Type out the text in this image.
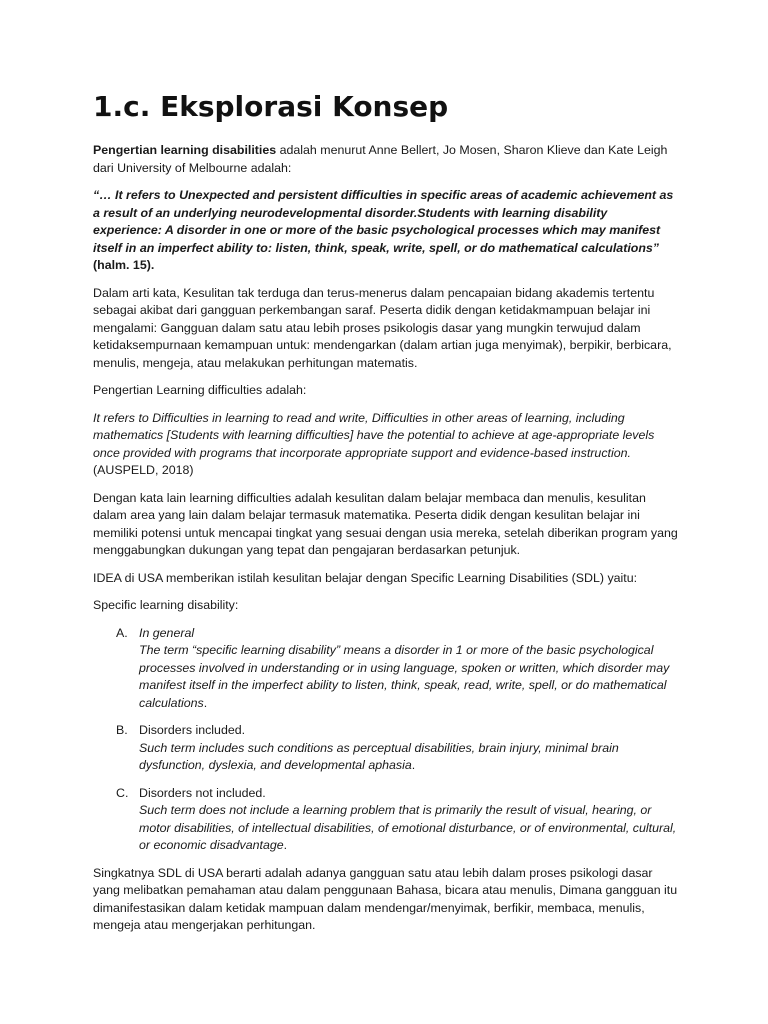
1.c. Eksplorasi Konsep

Pengertian learning disabilities adalah menurut Anne Bellert, Jo Mosen, Sharon Klieve dan Kate Leigh dari University of Melbourne adalah:

“… It refers to Unexpected and persistent difficulties in specific areas of academic achievement as a result of an underlying neurodevelopmental disorder.Students with learning disability experience: A disorder in one or more of the basic psychological processes which may manifest itself in an imperfect ability to: listen, think, speak, write, spell, or do mathematical calculations” (halm. 15).

Dalam arti kata, Kesulitan tak terduga dan terus-menerus dalam pencapaian bidang akademis tertentu sebagai akibat dari gangguan perkembangan saraf. Peserta didik dengan ketidakmampuan belajar ini mengalami: Gangguan dalam satu atau lebih proses psikologis dasar yang mungkin terwujud dalam ketidaksempurnaan kemampuan untuk: mendengarkan (dalam artian juga menyimak), berpikir, berbicara, menulis, mengeja, atau melakukan perhitungan matematis.

Pengertian Learning difficulties adalah:

It refers to Difficulties in learning to read and write, Difficulties in other areas of learning, including mathematics [Students with learning difficulties] have the potential to achieve at age-appropriate levels once provided with programs that incorporate appropriate support and evidence-based instruction. (AUSPELD, 2018)

Dengan kata lain learning difficulties adalah kesulitan dalam belajar membaca dan menulis, kesulitan dalam area yang lain dalam belajar termasuk matematika. Peserta didik dengan kesulitan belajar ini memiliki potensi untuk mencapai tingkat yang sesuai dengan usia mereka, setelah diberikan program yang menggabungkan dukungan yang tepat dan pengajaran berdasarkan petunjuk.

IDEA di USA memberikan istilah kesulitan belajar dengan Specific Learning Disabilities (SDL) yaitu:

Specific learning disability:

A. In general
The term “specific learning disability” means a disorder in 1 or more of the basic psychological processes involved in understanding or in using language, spoken or written, which disorder may manifest itself in the imperfect ability to listen, think, speak, read, write, spell, or do mathematical calculations.
B. Disorders included.
Such term includes such conditions as perceptual disabilities, brain injury, minimal brain dysfunction, dyslexia, and developmental aphasia.
C. Disorders not included.
Such term does not include a learning problem that is primarily the result of visual, hearing, or motor disabilities, of intellectual disabilities, of emotional disturbance, or of environmental, cultural, or economic disadvantage.

Singkatnya SDL di USA berarti adalah adanya gangguan satu atau lebih dalam proses psikologi dasar yang melibatkan pemahaman atau dalam penggunaan Bahasa, bicara atau menulis, Dimana gangguan itu dimanifestasikan dalam ketidak mampuan dalam mendengar/menyimak, berfikir, membaca, menulis, mengeja atau mengerjakan perhitungan.
